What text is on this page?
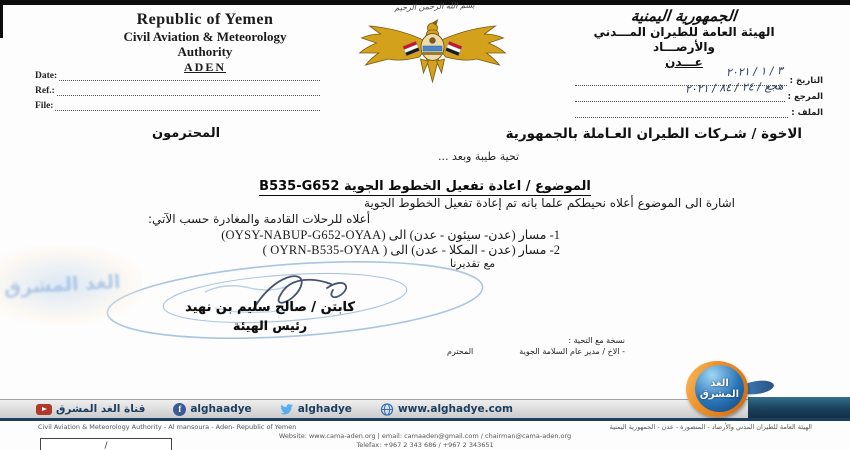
Republic of Yemen
Civil Aviation & Meteorology
Authority
ADEN
Date:
Ref.:
File:
بسم الله الرحمن الرحيم
الجمهورية اليمنية
الهيئة العامة للطيران المـــدني
والأرصـــاد
عـــدن
التاريخ :
٣ / ١ / ٢٠٢١
المرجع :
هجع / ٢٤ / ٨٤ / ٢٠٢١
الملف :
الاخوة / شـركات الطيران العـاملة بالجمهورية
المحترمون
تحية طيبة وبعد ...
الموضوع / اعادة تفعيل الخطوط الجوية B535-G652
اشارة الى الموضوع أعلاه نحيطكم علما بانه تم إعادة تفعيل الخطوط الجوية
أعلاه للرحلات القادمة والمغادرة حسب الآتي:
1- مسار (عدن- سيئون - عدن) الى (OYSY-NABUP-G652-OYAA)
2- مسار (عدن - المكلا - عدن) الى ( OYRN-B535-OYAA )
مع تقديرنا
كابتن / صالح سليم بن نهيد
رئيس الهيئة
نسخة مع التحية :
- الاخ / مدير عام السلامة الجوية
المحترم
الغد المشرق
قناة الغد المشرق	f alghaadye	alghadye	www.alghadye.com
الغد
المشرق
Civil Aviation & Meteorology Authority - Al mansoura - Aden- Republic of Yemen	الهيئة العامة للطيران المدني والأرصاد - المنصورة - عدن - الجمهورية اليمنية
Website: www.cama-aden.org | email: camaaden@gmail.com / chairman@cama-aden.org
Telefax: +967 2 343 686 / +967 2 343651
/
